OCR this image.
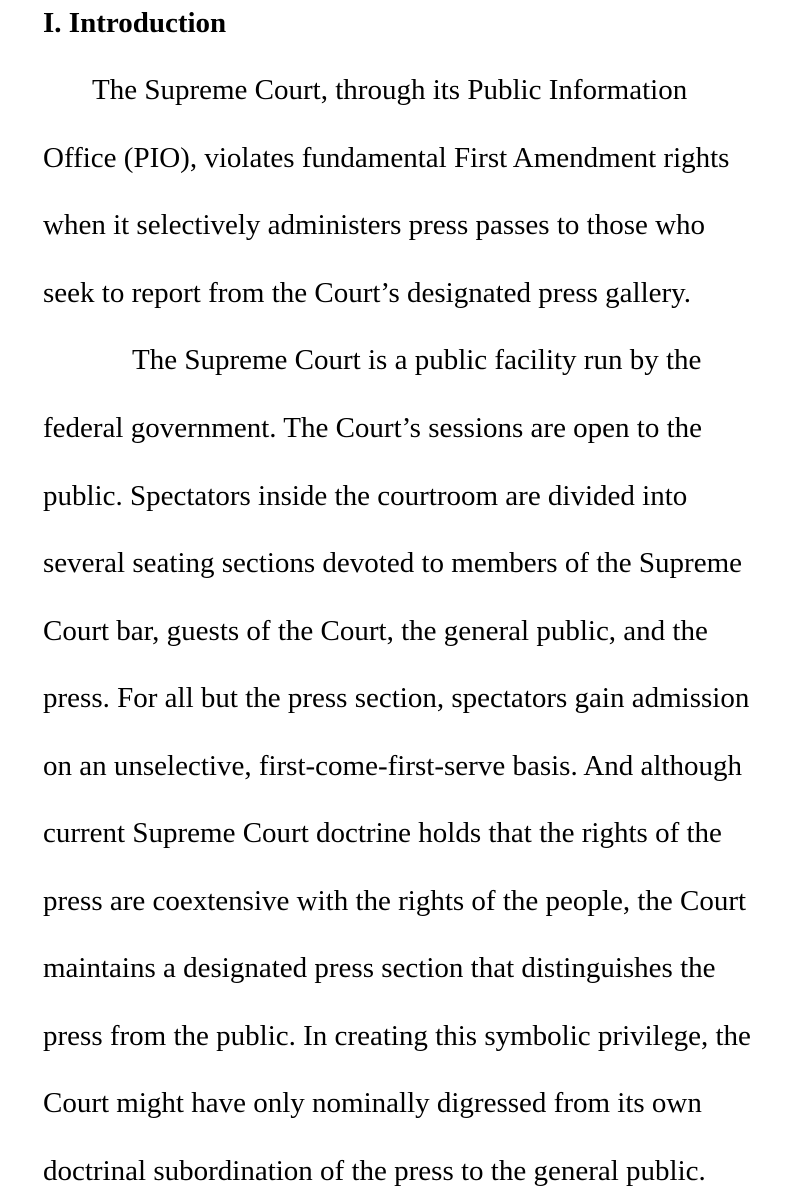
I. Introduction

The Supreme Court, through its Public Information

Office (PIO), violates fundamental First Amendment rights

when it selectively administers press passes to those who

seek to report from the Court’s designated press gallery.

The Supreme Court is a public facility run by the

federal government. The Court’s sessions are open to the

public. Spectators inside the courtroom are divided into

several seating sections devoted to members of the Supreme

Court bar, guests of the Court, the general public, and the

press. For all but the press section, spectators gain admission

on an unselective, first-come-first-serve basis. And although

current Supreme Court doctrine holds that the rights of the

press are coextensive with the rights of the people, the Court

maintains a designated press section that distinguishes the

press from the public. In creating this symbolic privilege, the

Court might have only nominally digressed from its own

doctrinal subordination of the press to the general public.
